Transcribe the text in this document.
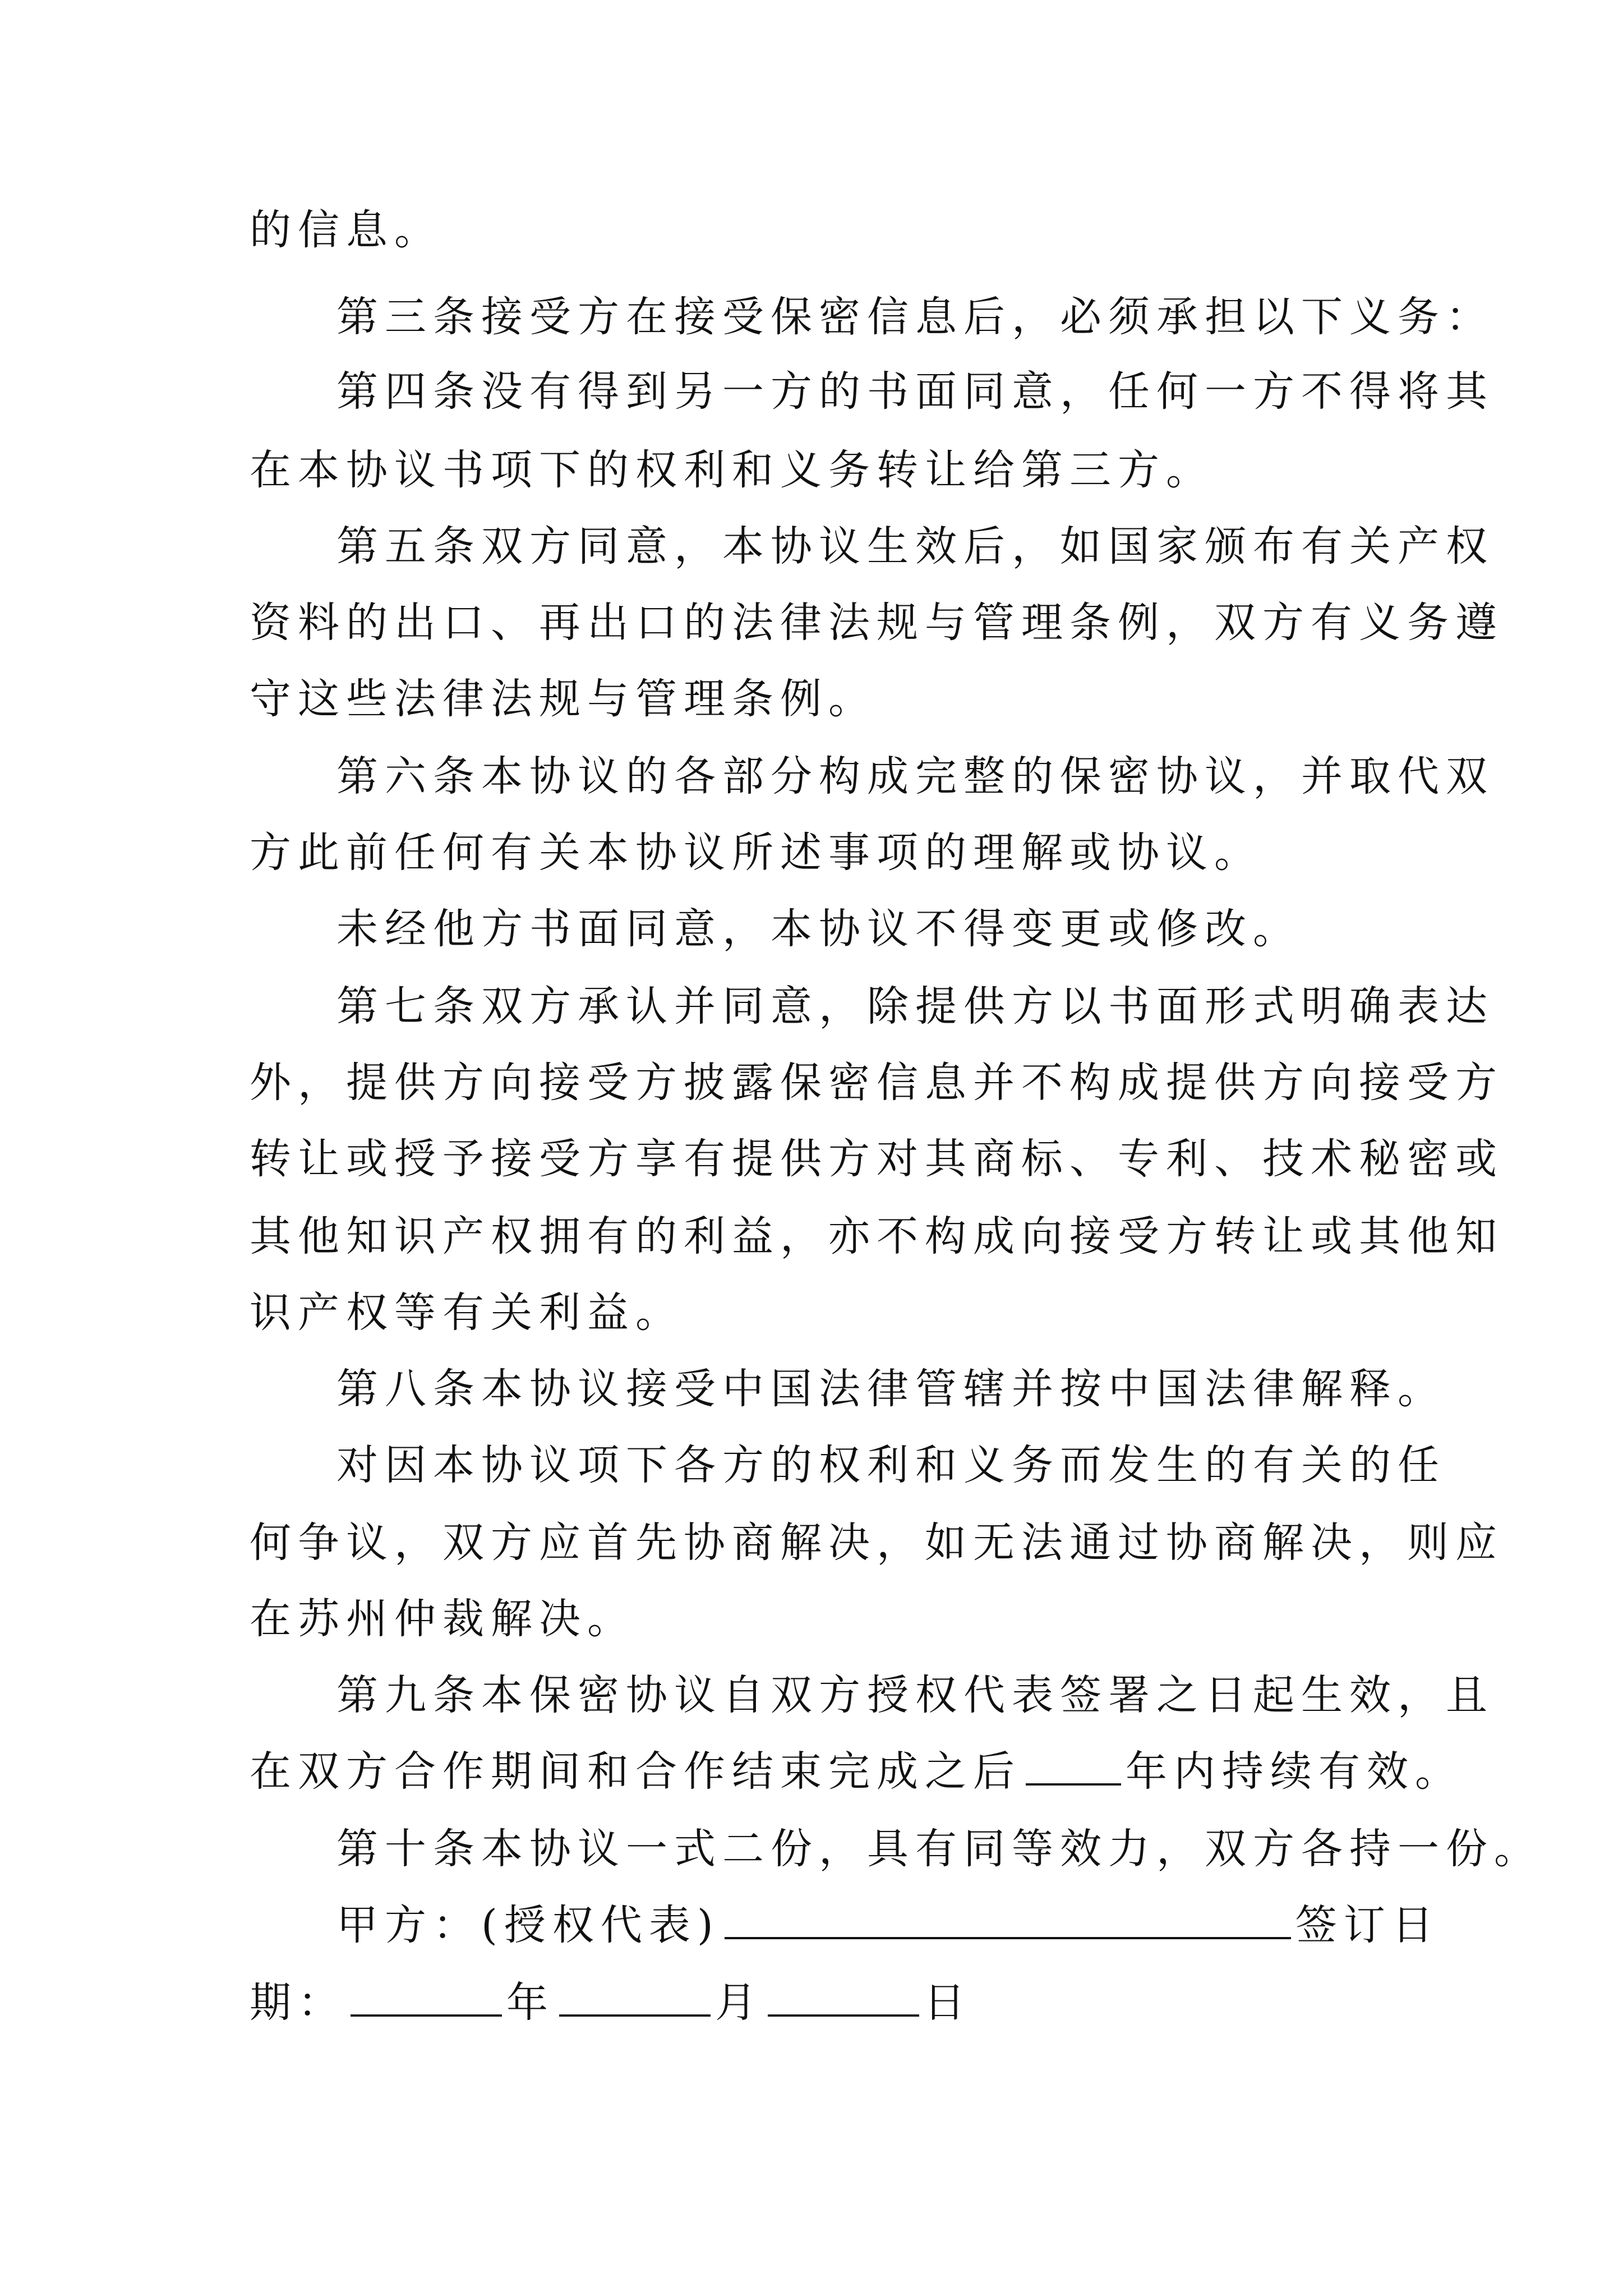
的信息。
第三条接受方在接受保密信息后，必须承担以下义务：
第四条没有得到另一方的书面同意，任何一方不得将其
在本协议书项下的权利和义务转让给第三方。
第五条双方同意，本协议生效后，如国家颁布有关产权
资料的出口、再出口的法律法规与管理条例，双方有义务遵
守这些法律法规与管理条例。
第六条本协议的各部分构成完整的保密协议，并取代双
方此前任何有关本协议所述事项的理解或协议。
未经他方书面同意，本协议不得变更或修改。
第七条双方承认并同意，除提供方以书面形式明确表达
外，提供方向接受方披露保密信息并不构成提供方向接受方
转让或授予接受方享有提供方对其商标、专利、技术秘密或
其他知识产权拥有的利益，亦不构成向接受方转让或其他知
识产权等有关利益。
第八条本协议接受中国法律管辖并按中国法律解释。
对因本协议项下各方的权利和义务而发生的有关的任
何争议，双方应首先协商解决，如无法通过协商解决，则应
在苏州仲裁解决。
第九条本保密协议自双方授权代表签署之日起生效，且
在双方合作期间和合作结束完成之后	年内持续有效。
第十条本协议一式二份，具有同等效力，双方各持一份。
甲方：(授权代表)	签订日
期：	年	月	日
